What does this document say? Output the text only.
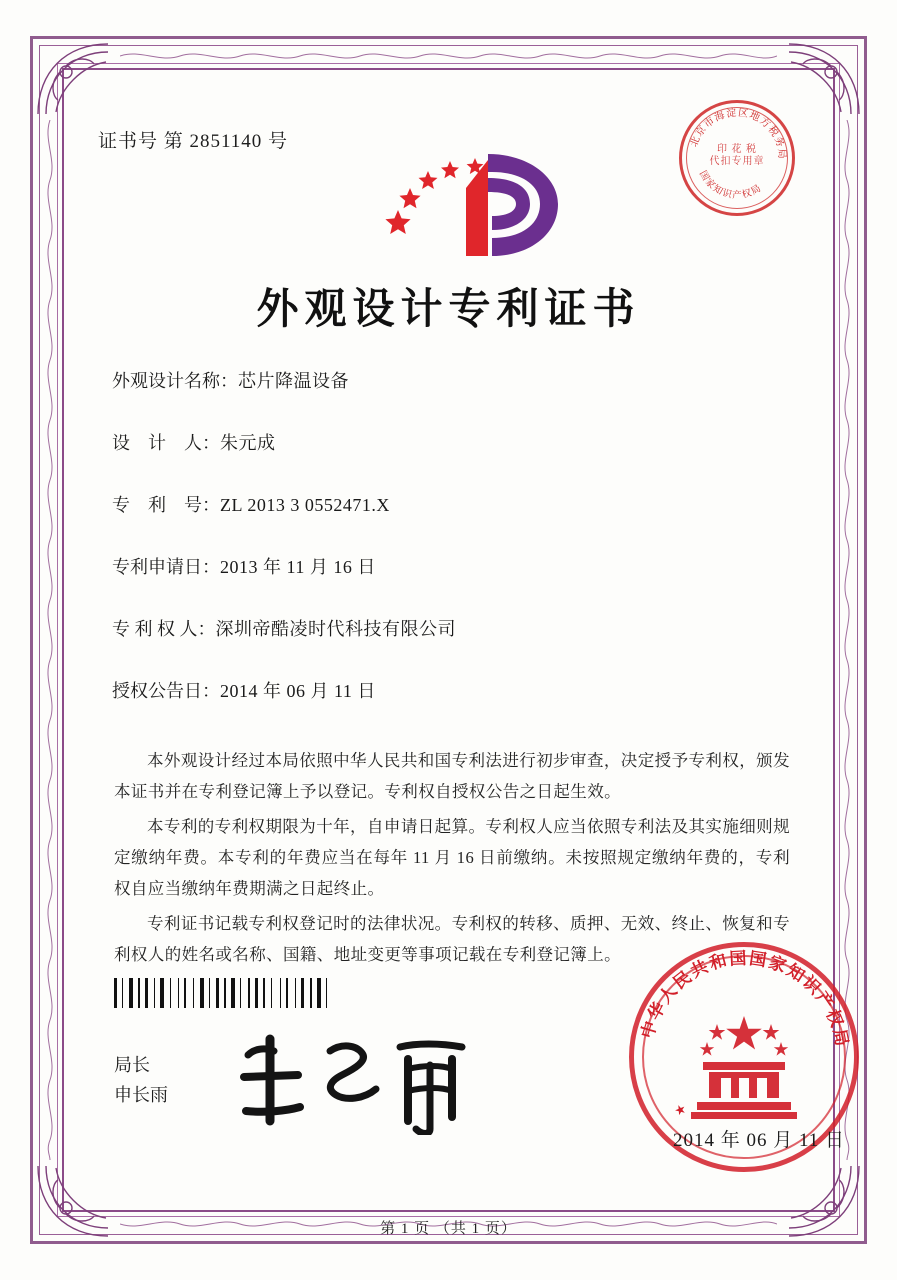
证书号 第 2851140 号	北京市海淀区地方税务局
国家知识产权局
印 花 税
代扣专用章
外观设计专利证书
外观设计名称：芯片降温设备
设　计　人：朱元成
专　利　号：ZL 2013 3 0552471.X
专利申请日：2013 年 11 月 16 日
专 利 权 人：深圳帝酷凌时代科技有限公司
授权公告日：2014 年 06 月 11 日

本外观设计经过本局依照中华人民共和国专利法进行初步审查，决定授予专利权，颁发本证书并在专利登记簿上予以登记。专利权自授权公告之日起生效。

本专利的专利权期限为十年，自申请日起算。专利权人应当依照专利法及其实施细则规定缴纳年费。本专利的年费应当在每年 11 月 16 日前缴纳。未按照规定缴纳年费的，专利权自应当缴纳年费期满之日起终止。

专利证书记载专利权登记时的法律状况。专利权的转移、质押、无效、终止、恢复和专利权人的姓名或名称、国籍、地址变更等事项记载在专利登记簿上。

局长
申长雨
中华人民共和国国家知识产权局
★
2014 年 06 月 11 日
第 1 页 （共 1 页）
